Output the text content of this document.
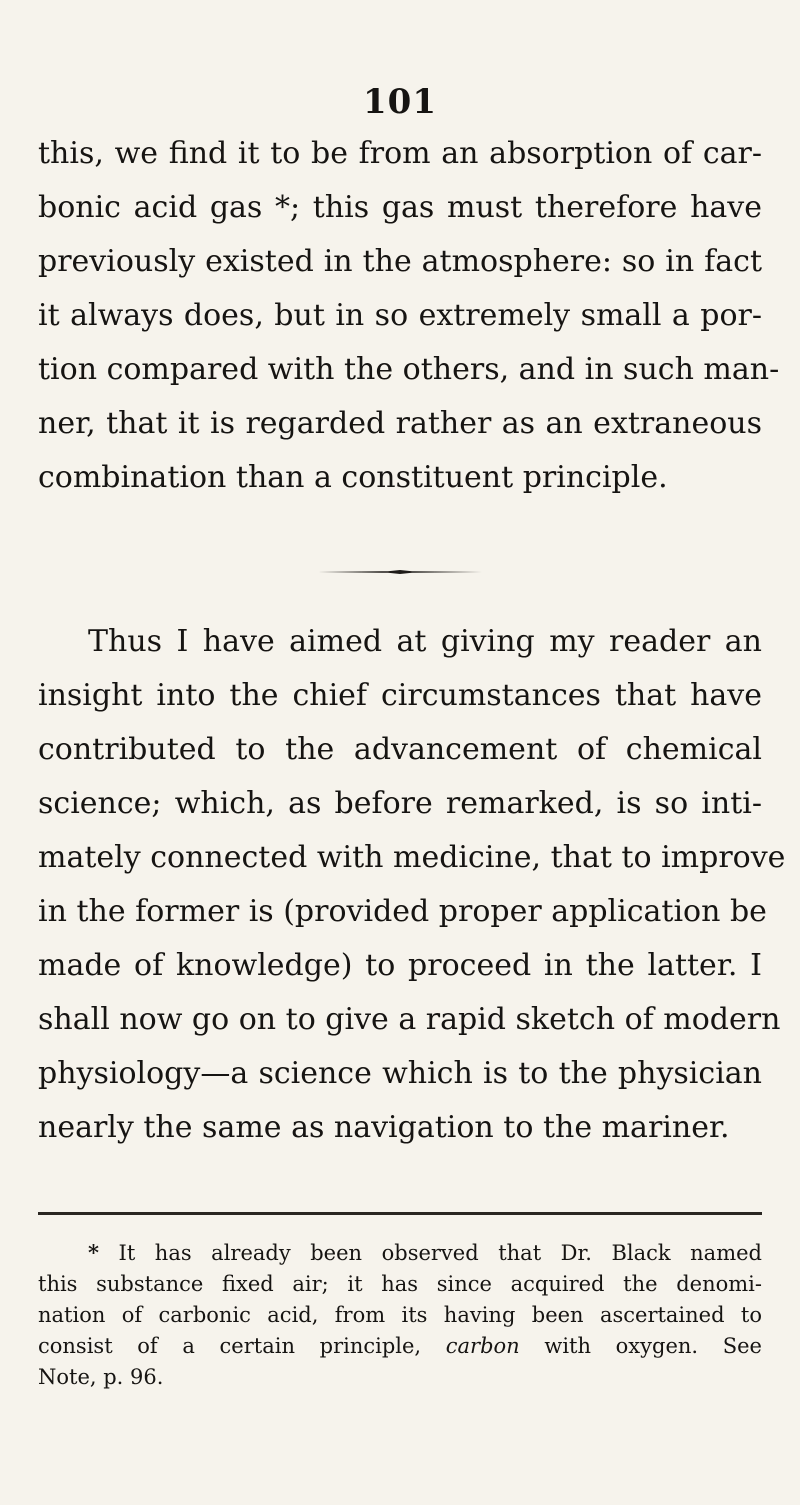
101
this, we find it to be from an absorption of car-
bonic acid gas *; this gas must therefore have
previously existed in the atmosphere: so in fact
it always does, but in so extremely small a por-
tion compared with the others, and in such man-
ner, that it is regarded rather as an extraneous
combination than a constituent principle.
Thus I have aimed at giving my reader an
insight into the chief circumstances that have
contributed to the advancement of chemical
science; which, as before remarked, is so inti-
mately connected with medicine, that to improve
in the former is (provided proper application be
made of knowledge) to proceed in the latter. I
shall now go on to give a rapid sketch of modern
physiology—a science which is to the physician
nearly the same as navigation to the mariner.
* It has already been observed that Dr. Black named
this substance fixed air; it has since acquired the denomi-
nation of carbonic acid, from its having been ascertained to
consist of a certain principle, carbon with oxygen. See
Note, p. 96.
